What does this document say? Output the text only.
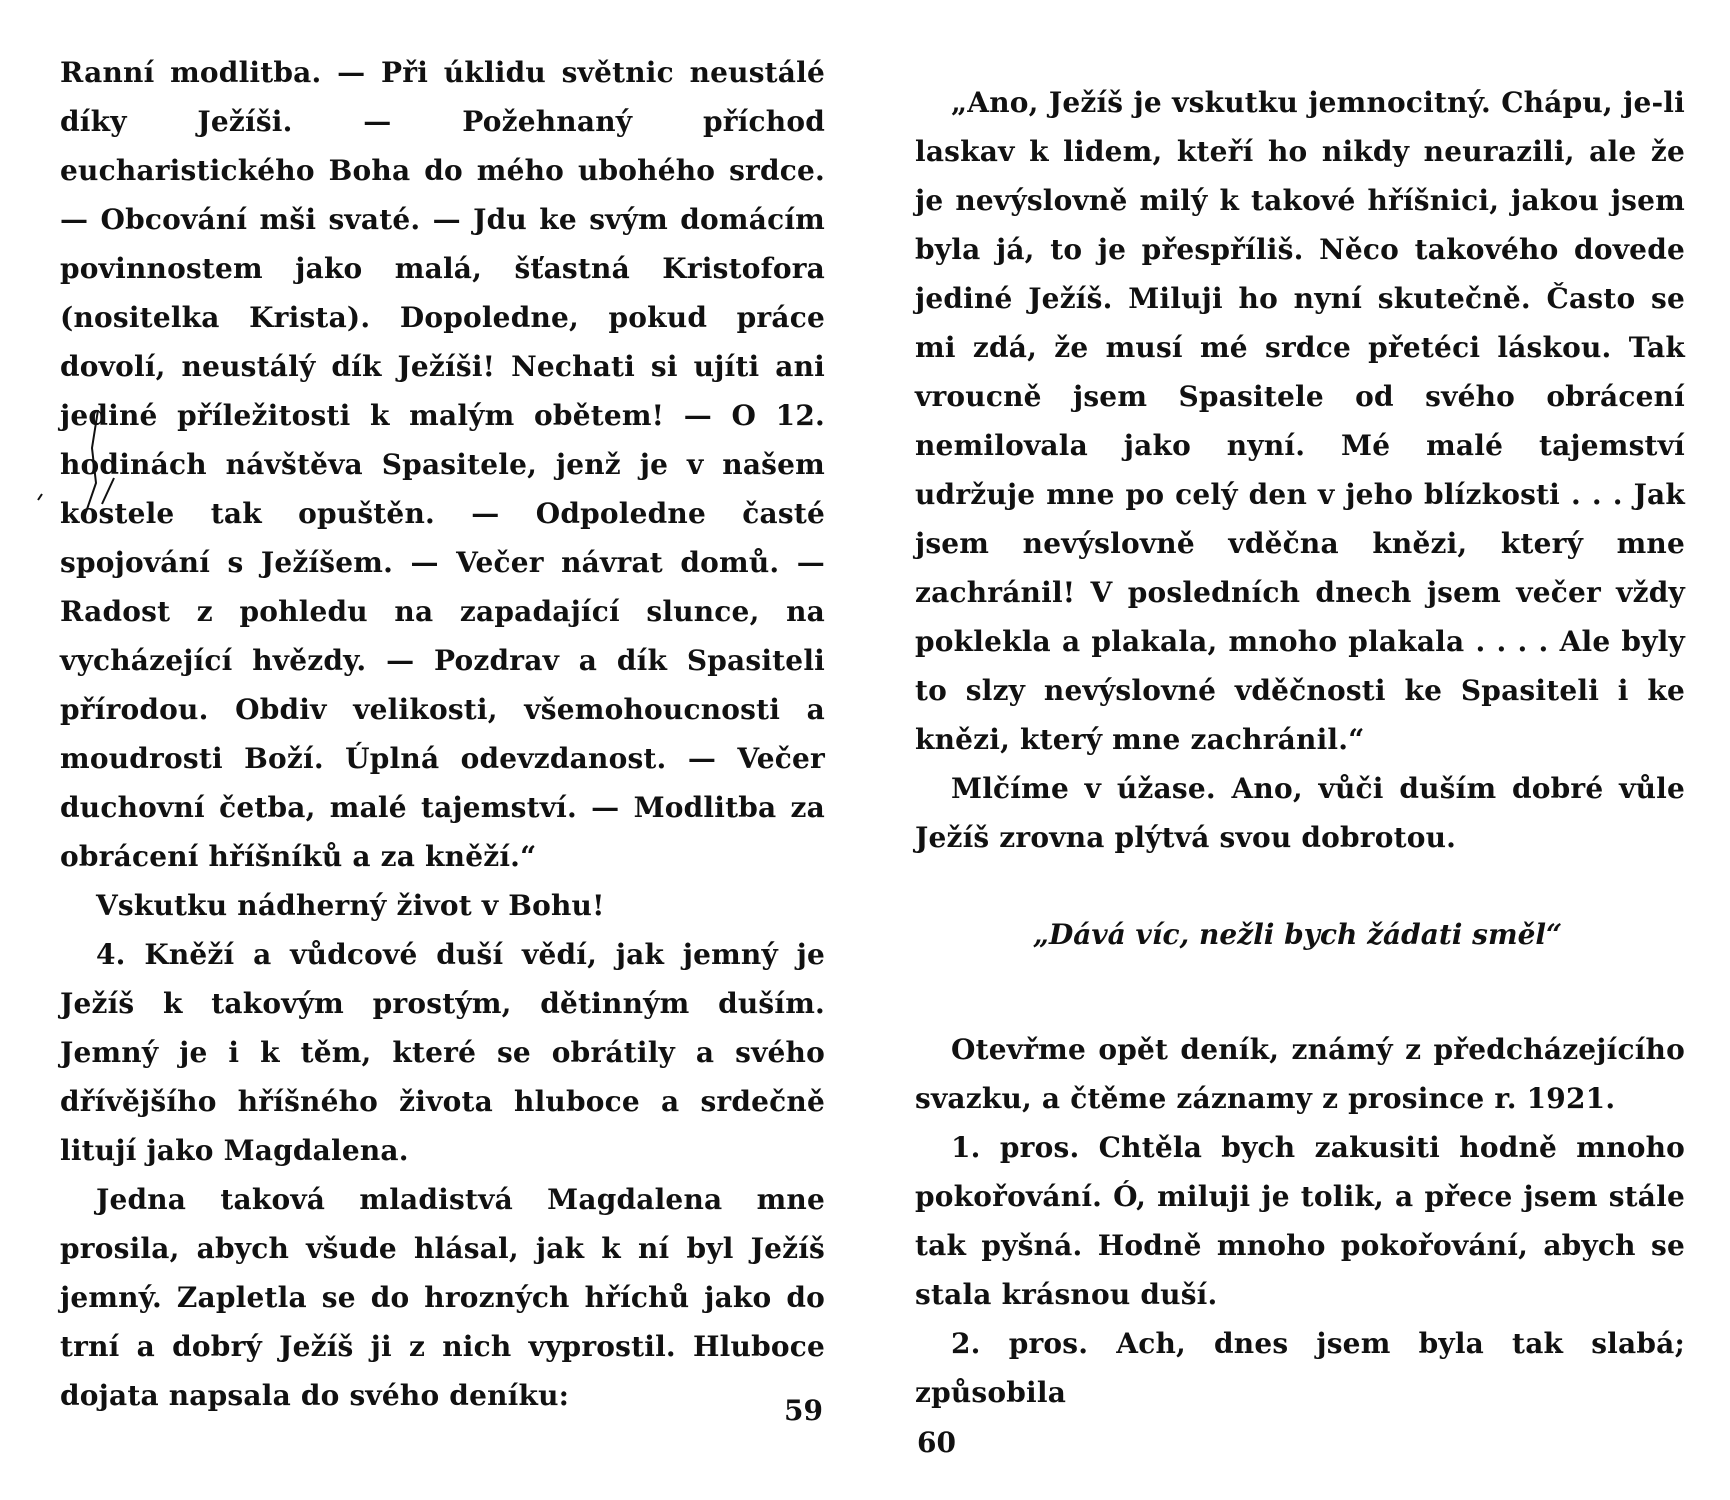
Ranní modlitba. — Při úklidu světnic neustálé díky Ježíši. — Požehnaný příchod eucharistického Boha do mého ubohého srdce. — Obcování mši svaté. — Jdu ke svým domácím povinnostem jako malá, šťastná Kristofora (nositelka Krista). Dopoledne, pokud práce dovolí, neustálý dík Ježíši! Nechati si ujíti ani jediné příležitosti k malým obětem! — O 12. hodinách návštěva Spasitele, jenž je v našem kostele tak opuštěn. — Odpoledne časté spojování s Ježíšem. — Večer návrat domů. — Radost z pohledu na zapadající slunce, na vycházející hvězdy. — Pozdrav a dík Spasiteli přírodou. Obdiv velikosti, všemohoucnosti a moudrosti Boží. Úplná odevzdanost. — Večer duchovní četba, malé tajemství. — Modlitba za obrácení hříšníků a za kněží.“

Vskutku nádherný život v Bohu!

4. Kněží a vůdcové duší vědí, jak jemný je Ježíš k takovým prostým, dětinným duším. Jemný je i k těm, které se obrátily a svého dřívějšího hříšného života hluboce a srdečně litují jako Magdalena.

Jedna taková mladistvá Magdalena mne prosila, abych všude hlásal, jak k ní byl Ježíš jemný. Zapletla se do hrozných hříchů jako do trní a dobrý Ježíš ji z nich vyprostil. Hluboce dojata napsala do svého deníku:	59

„Ano, Ježíš je vskutku jemnocitný. Chápu, je-li laskav k lidem, kteří ho nikdy neurazili, ale že je nevýslovně milý k takové hříšnici, jakou jsem byla já, to je přespříliš. Něco takového dovede jediné Ježíš. Miluji ho nyní skutečně. Často se mi zdá, že musí mé srdce přetéci láskou. Tak vroucně jsem Spasitele od svého obrácení nemilovala jako nyní. Mé malé tajemství udržuje mne po celý den v jeho blízkosti . . . Jak jsem nevýslovně vděčna knězi, který mne zachránil! V posledních dnech jsem večer vždy poklekla a plakala, mnoho plakala . . . . Ale byly to slzy nevýslovné vděčnosti ke Spasiteli i ke knězi, který mne zachránil.“

Mlčíme v úžase. Ano, vůči duším dobré vůle Ježíš zrovna plýtvá svou dobrotou.

„Dává víc, nežli bych žádati směl“

Otevřme opět deník, známý z předcházejícího svazku, a čtěme záznamy z prosince r. 1921.

1. pros. Chtěla bych zakusiti hodně mnoho pokořování. Ó, miluji je tolik, a přece jsem stále tak pyšná. Hodně mnoho pokořování, abych se stala krásnou duší.

2. pros. Ach, dnes jsem byla tak slabá; způsobila

60
